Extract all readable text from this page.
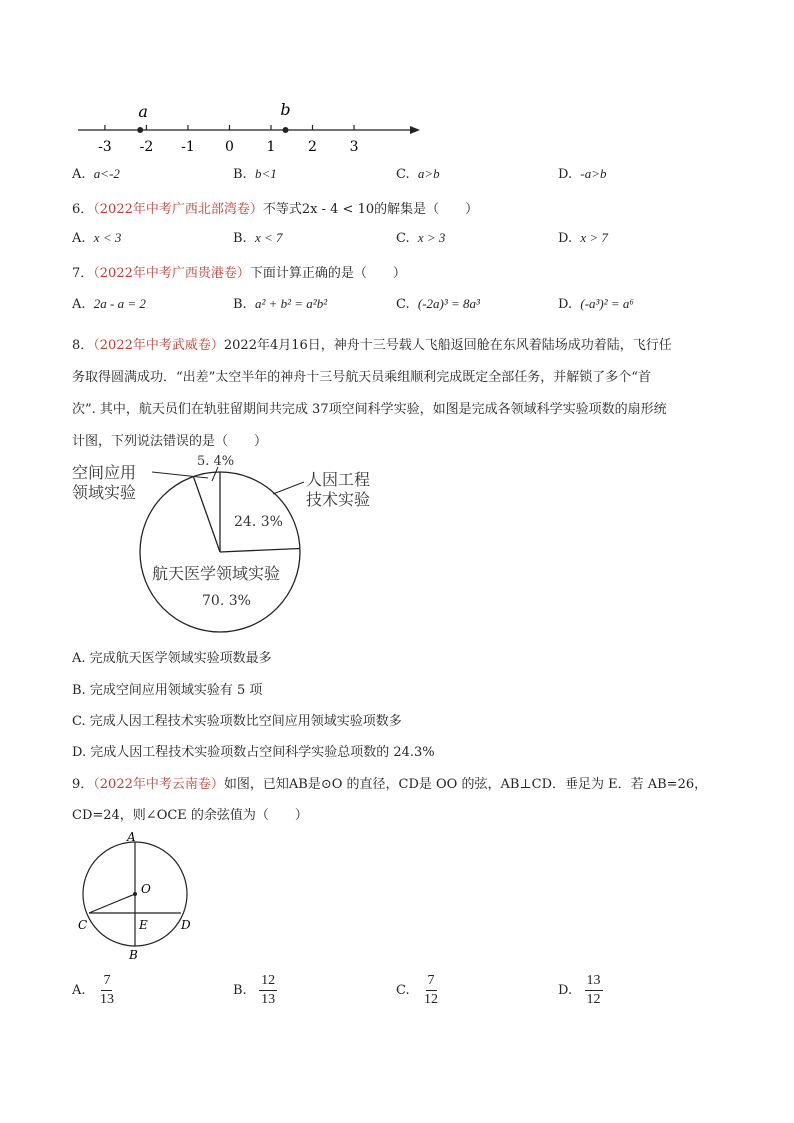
-3 -2 -1 0 1 2 3
a	b
A. a<-2	B. b<1	C. a>b	D. -a>b
6．（2022年中考广西北部湾卷）不等式2x - 4 < 10的解集是（　　）
A. x < 3	B. x < 7	C. x > 3	D. x > 7
7．（2022年中考广西贵港卷）下面计算正确的是（　　）
A. 2a - a = 2	B. a² + b² = a²b²	C. (-2a)³ = 8a³	D. (-a³)² = a⁶
8．（2022年中考武威卷）2022年4月16日，神舟十三号载人飞船返回舱在东风着陆场成功着陆，飞行任
务取得圆满成功．“出差”太空半年的神舟十三号航天员乘组顺利完成既定全部任务，并解锁了多个“首
次”. 其中，航天员们在轨驻留期间共完成 37项空间科学实验，如图是完成各领域科学实验项数的扇形统
计图，下列说法错误的是（　　）
空间应用
领域实验
5. 4%
人因工程
技术实验
24. 3%
航天医学领域实验
70. 3%
A. 完成航天医学领域实验项数最多
B. 完成空间应用领域实验有 5 项
C. 完成人因工程技术实验项数比空间应用领域实验项数多
D. 完成人因工程技术实验项数占空间科学实验总项数的 24.3%
9．（2022年中考云南卷）如图，已知AB是⊙O 的直径，CD是 OO 的弦，AB⊥CD．垂足为 E．若 AB=26，
CD=24，则∠OCE 的余弦值为（　　）
A
O
C	E	D
B
A. $\frac{7}{13}$	B. $\frac{12}{13}$	C. $\frac{7}{12}$	D. $\frac{13}{12}$
